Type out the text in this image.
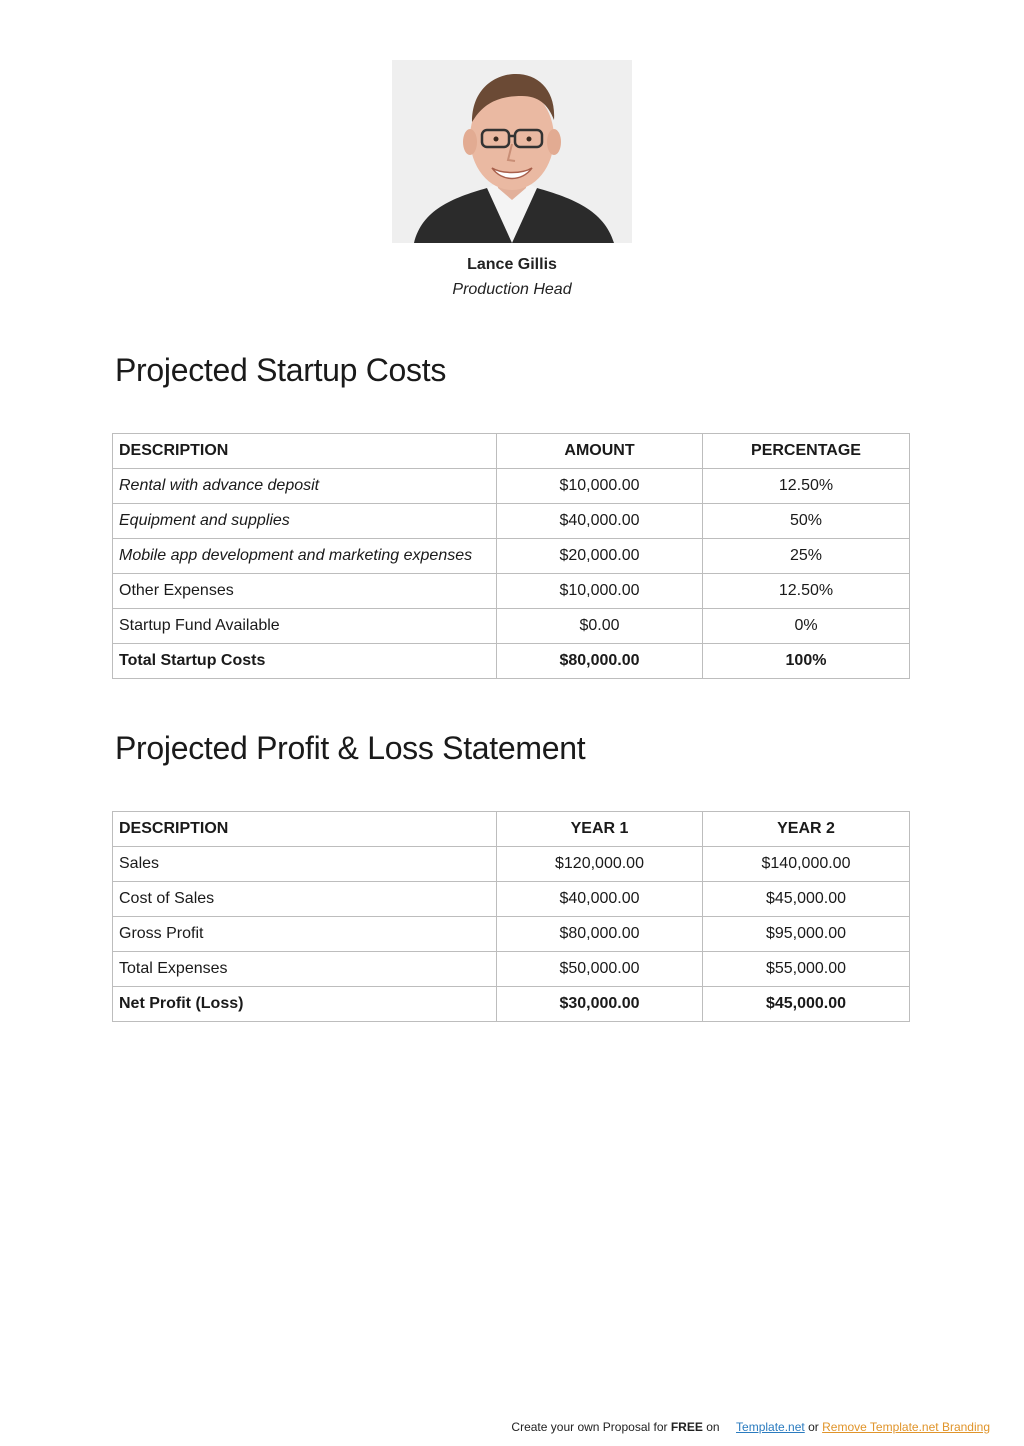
Lance Gillis
Production Head
Projected Startup Costs
DESCRIPTION	AMOUNT	PERCENTAGE
Rental with advance deposit	$10,000.00	12.50%
Equipment and supplies	$40,000.00	50%
Mobile app development and marketing expenses	$20,000.00	25%
Other Expenses	$10,000.00	12.50%
Startup Fund Available	$0.00	0%
Total Startup Costs	$80,000.00	100%
Projected Profit & Loss Statement
DESCRIPTION	YEAR 1	YEAR 2
Sales	$120,000.00	$140,000.00
Cost of Sales	$40,000.00	$45,000.00
Gross Profit	$80,000.00	$95,000.00
Total Expenses	$50,000.00	$55,000.00
Net Profit (Loss)	$30,000.00	$45,000.00
Create your own Proposal for FREE on Template.net or Remove Template.net Branding
